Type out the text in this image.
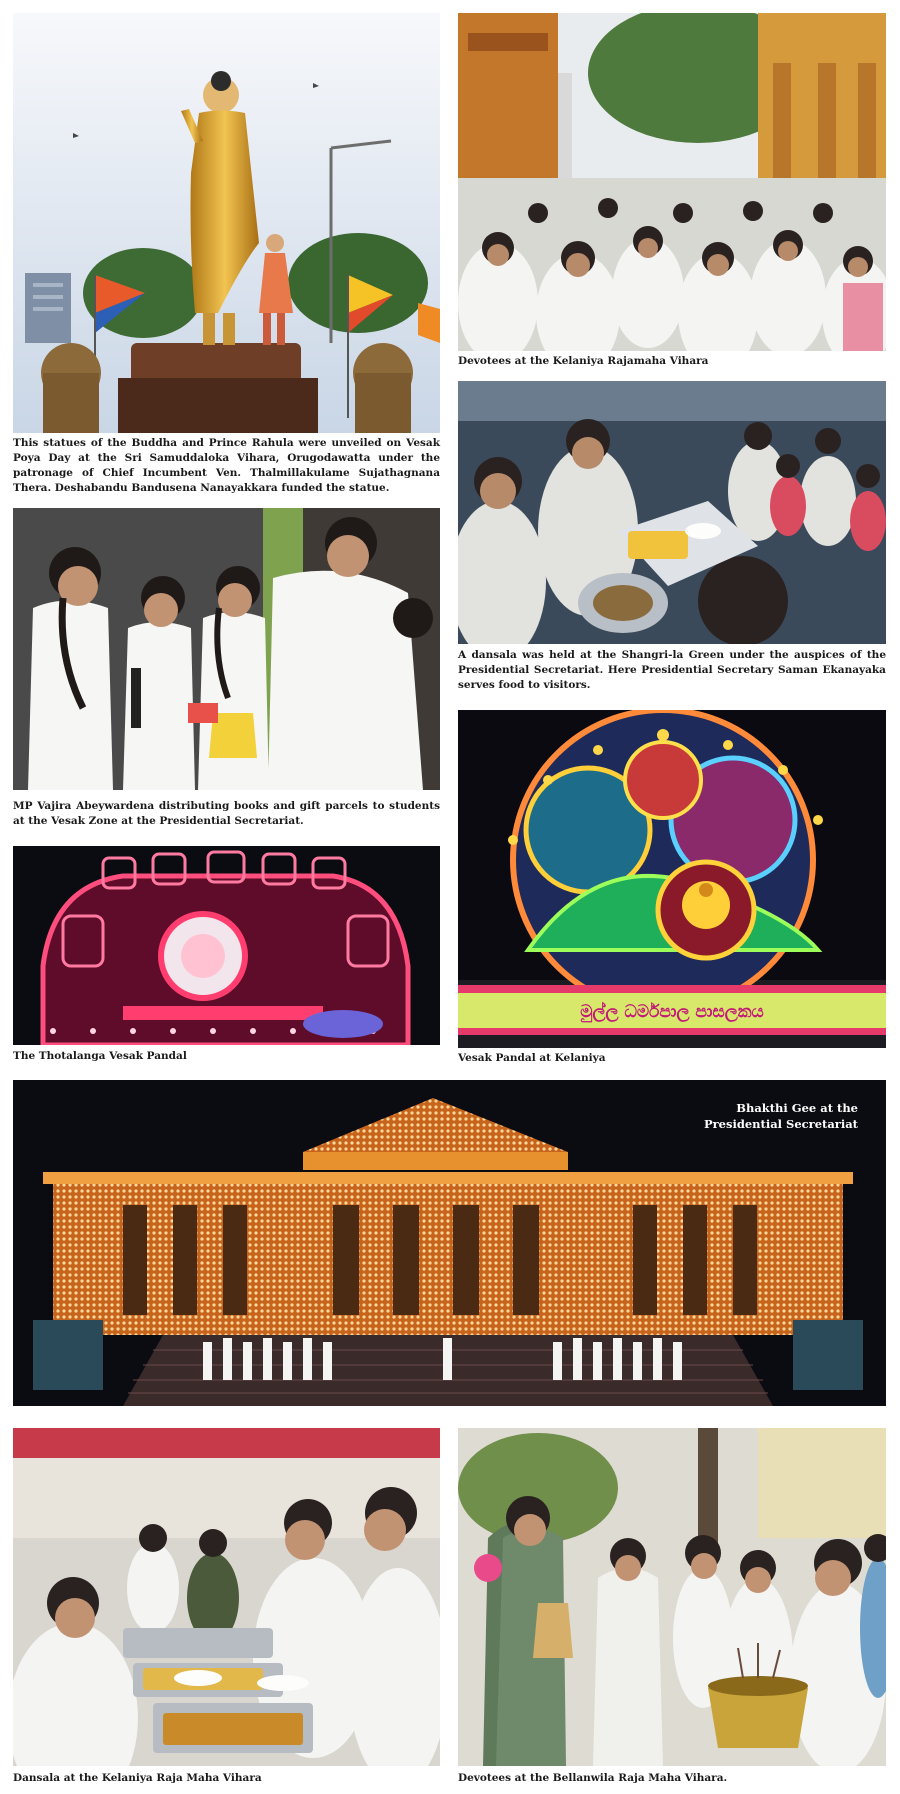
This statues of the Buddha and Prince Rahula were unveiled on Vesak Poya Day at the Sri Samuddaloka Vihara, Orugodawatta under the patronage of Chief Incumbent Ven. Thalmillakulame Sujathagnana Thera. Deshabandu Bandusena Nanayakkara funded the statue.

Devotees at the Kelaniya Rajamaha Vihara

A dansala was held at the Shangri-la Green under the auspices of the Presidential Secretariat. Here Presidential Secretary Saman Ekanayaka serves food to visitors.

MP Vajira Abeywardena distributing books and gift parcels to students at the Vesak Zone at the Presidential Secretariat.

The Thotalanga Vesak Pandal

මුල්ල ධර්මපාල පාසලකය

Vesak Pandal at Kelaniya

Bhakthi Gee at the
Presidential Secretariat

Dansala at the Kelaniya Raja Maha Vihara	Devotees at the Bellanwila Raja Maha Vihara.
